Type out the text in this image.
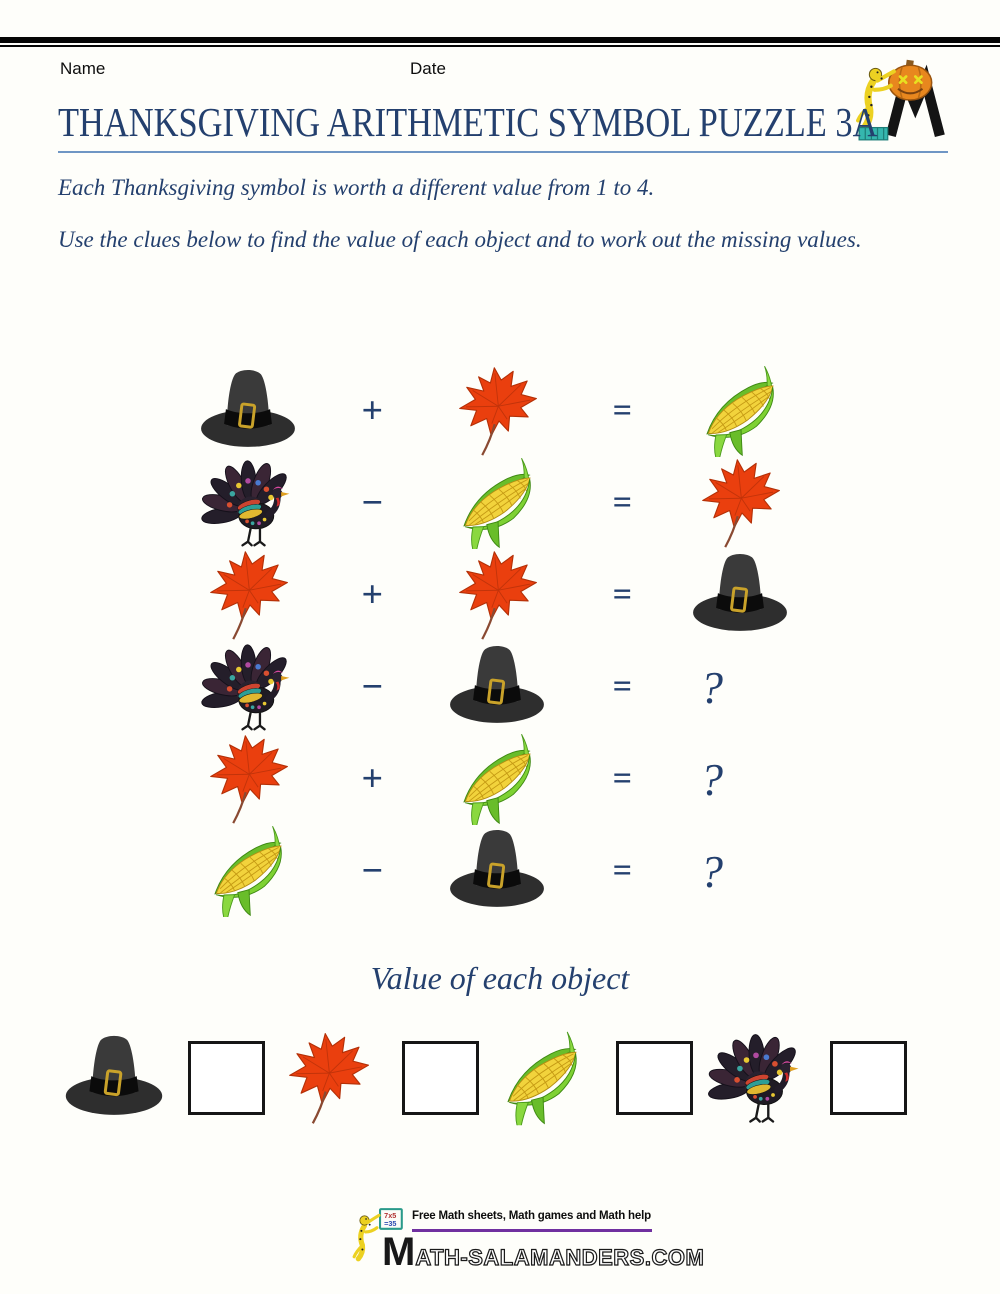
Name	Date
THANKSGIVING ARITHMETIC SYMBOL PUZZLE 3A

Each Thanksgiving symbol is worth a different value from 1 to 4.

Use the clues below to find the value of each object and to work out the missing values.

+	=
−	=
+	=
−	=	?
+	=	?
−	=	?
Value of each object
7x5
=35
Free Math sheets, Math games and Math help
MATH-SALAMANDERS.COM
